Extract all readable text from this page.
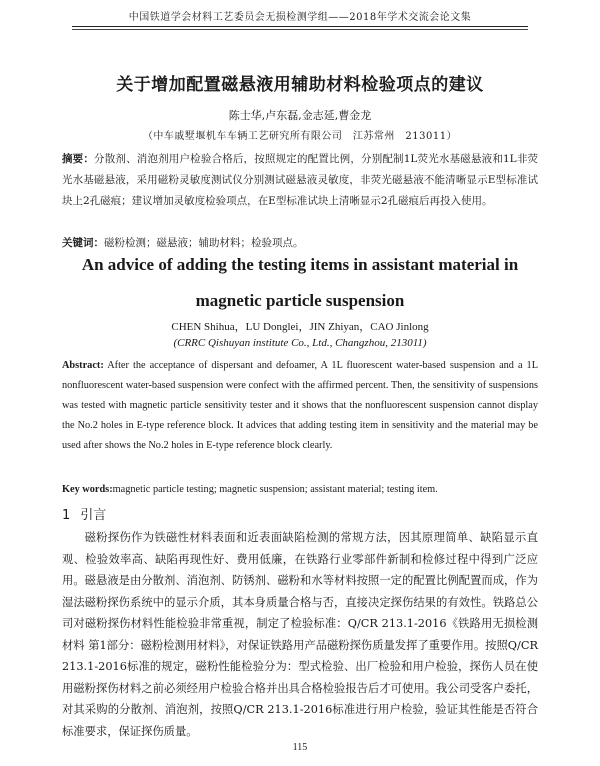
中国铁道学会材料工艺委员会无损检测学组——2018年学术交流会论文集
关于增加配置磁悬液用辅助材料检验项点的建议
陈士华,卢东磊,金志延,曹金龙
（中车戚墅堰机车车辆工艺研究所有限公司　江苏常州　213011）
摘要：分散剂、消泡剂用户检验合格后，按照规定的配置比例，分别配制1L荧光水基磁悬液和1L非荧光水基磁悬液，采用磁粉灵敏度测试仪分别测试磁悬液灵敏度，非荧光磁悬液不能清晰显示E型标准试块上2孔磁痕；建议增加灵敏度检验项点，在E型标准试块上清晰显示2孔磁痕后再投入使用。
关键词：磁粉检测；磁悬液；辅助材料；检验项点。
An advice of adding the testing items in assistant material in
magnetic particle suspension
CHEN Shihua，LU Donglei，JIN Zhiyan，CAO Jinlong
(CRRC Qishuyan institute Co., Ltd., Changzhou, 213011)
Abstract: After the acceptance of dispersant and defoamer, A 1L fluorescent water-based suspension and a 1L nonfluorescent water-based suspension were confect with the affirmed percent. Then, the sensitivity of suspensions was tested with magnetic particle sensitivity tester and it shows that the nonfluorescent suspension cannot display the No.2 holes in E-type reference block. It advices that adding testing item in sensitivity and the material may be used after shows the No.2 holes in E-type reference block clearly.
Key words:magnetic particle testing; magnetic suspension; assistant material; testing item.
1 引言
磁粉探伤作为铁磁性材料表面和近表面缺陷检测的常规方法，因其原理简单、缺陷显示直观、检验效率高、缺陷再现性好、费用低廉，在铁路行业零部件新制和检修过程中得到广泛应用。磁悬液是由分散剂、消泡剂、防锈剂、磁粉和水等材料按照一定的配置比例配置而成，作为湿法磁粉探伤系统中的显示介质，其本身质量合格与否，直接决定探伤结果的有效性。铁路总公司对磁粉探伤材料性能检验非常重视，制定了检验标准：Q/CR 213.1-2016《铁路用无损检测材料 第1部分：磁粉检测用材料》，对保证铁路用产品磁粉探伤质量发挥了重要作用。按照Q/CR 213.1-2016标准的规定，磁粉性能检验分为：型式检验、出厂检验和用户检验，探伤人员在使用磁粉探伤材料之前必须经用户检验合格并出具合格检验报告后才可使用。我公司受客户委托，对其采购的分散剂、消泡剂，按照Q/CR 213.1-2016标准进行用户检验，验证其性能是否符合标准要求，保证探伤质量。
115
